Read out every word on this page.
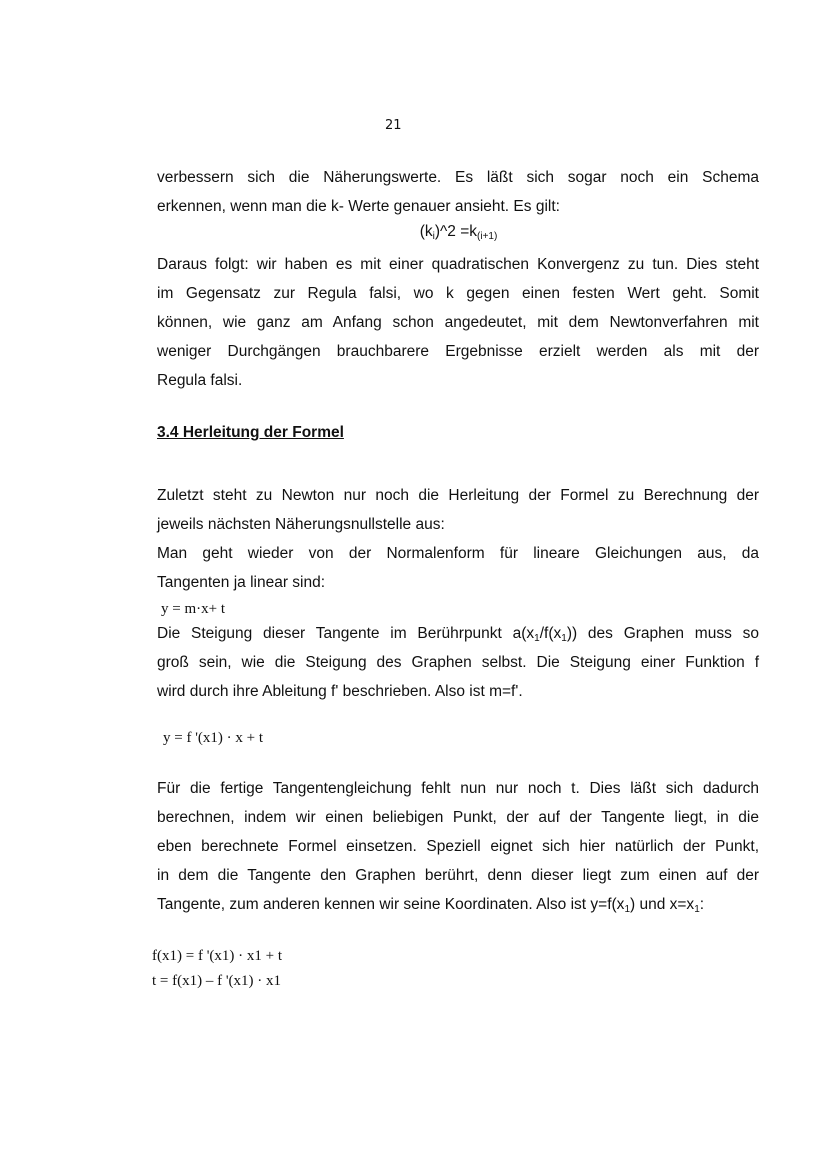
21

verbessern sich die Näherungswerte. Es läßt sich sogar noch ein Schema

erkennen, wenn man die k- Werte genauer ansieht. Es gilt:

$(k_i)\^{}2 =k_{(i+1)}$

Daraus folgt: wir haben es mit einer quadratischen Konvergenz zu tun. Dies steht

im Gegensatz zur Regula falsi, wo k gegen einen festen Wert geht. Somit

können, wie ganz am Anfang schon angedeutet, mit dem Newtonverfahren mit

weniger Durchgängen brauchbarere Ergebnisse erzielt werden als mit der

Regula falsi.

3.4 Herleitung der Formel

Zuletzt steht zu Newton nur noch die Herleitung der Formel zu Berechnung der

jeweils nächsten Näherungsnullstelle aus:

Man geht wieder von der Normalenform für lineare Gleichungen aus, da

Tangenten ja linear sind:

y = m·x+ t

Die Steigung dieser Tangente im Berührpunkt $a(x_1/f(x_1))$ des Graphen muss so

groß sein, wie die Steigung des Graphen selbst. Die Steigung einer Funktion f

wird durch ihre Ableitung f' beschrieben. Also ist m=f'.

y = f '(x1) · x + t

Für die fertige Tangentengleichung fehlt nun nur noch t. Dies läßt sich dadurch

berechnen, indem wir einen beliebigen Punkt, der auf der Tangente liegt, in die

eben berechnete Formel einsetzen. Speziell eignet sich hier natürlich der Punkt,

in dem die Tangente den Graphen berührt, denn dieser liegt zum einen auf der

Tangente, zum anderen kennen wir seine Koordinaten. Also ist $y=f(x_1)$ und $x=x_1$:

f(x1) = f '(x1) · x1 + t
t = f(x1) – f '(x1) · x1
